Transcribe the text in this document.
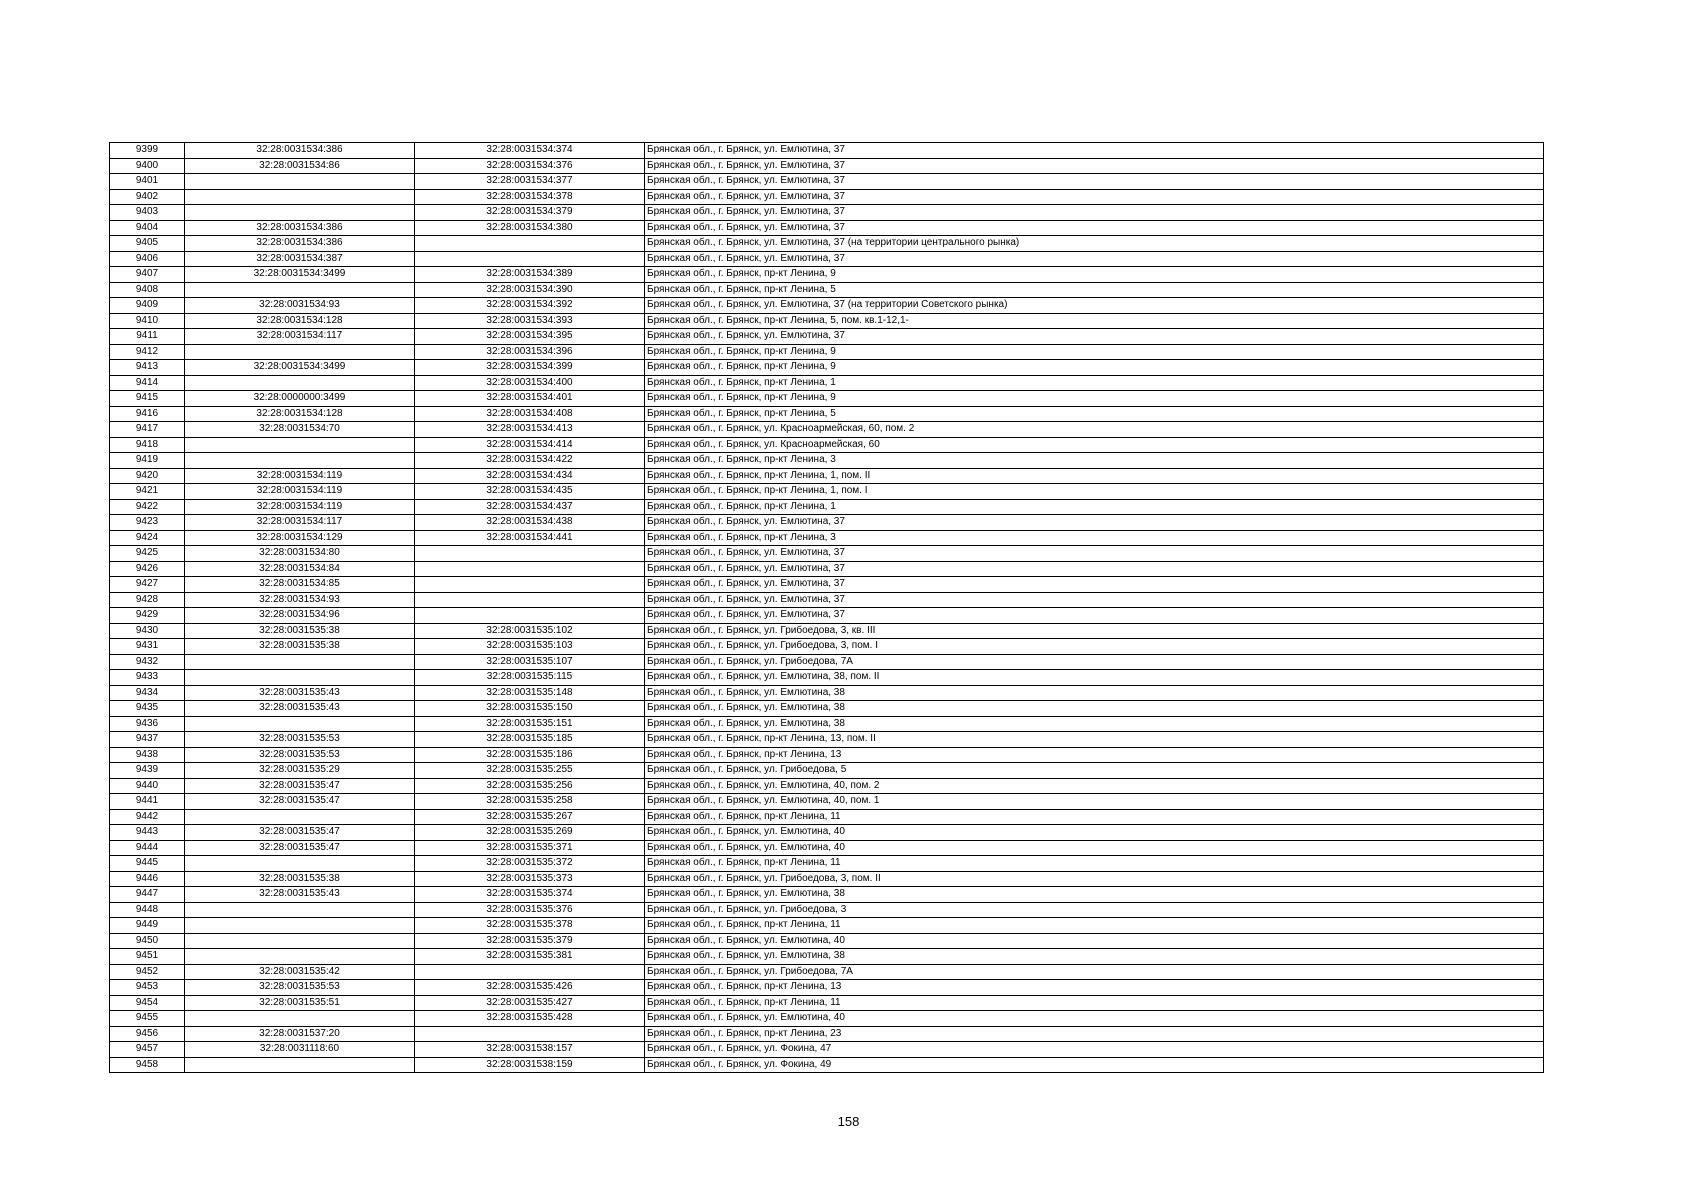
9399	32:28:0031534:386	32:28:0031534:374	Брянская обл., г. Брянск, ул. Емлютина, 37
9400	32:28:0031534:86	32:28:0031534:376	Брянская обл., г. Брянск, ул. Емлютина, 37
9401		32:28:0031534:377	Брянская обл., г. Брянск, ул. Емлютина, 37
9402		32:28:0031534:378	Брянская обл., г. Брянск, ул. Емлютина, 37
9403		32:28:0031534:379	Брянская обл., г. Брянск, ул. Емлютина, 37
9404	32:28:0031534:386	32:28:0031534:380	Брянская обл., г. Брянск, ул. Емлютина, 37
9405	32:28:0031534:386		Брянская обл., г. Брянск, ул. Емлютина, 37 (на территории центрального рынка)
9406	32:28:0031534:387		Брянская обл., г. Брянск, ул. Емлютина, 37
9407	32:28:0031534:3499	32:28:0031534:389	Брянская обл., г. Брянск, пр-кт Ленина, 9
9408		32:28:0031534:390	Брянская обл., г. Брянск, пр-кт Ленина, 5
9409	32:28:0031534:93	32:28:0031534:392	Брянская обл., г. Брянск, ул. Емлютина, 37 (на территории Советского рынка)
9410	32:28:0031534:128	32:28:0031534:393	Брянская обл., г. Брянск, пр-кт Ленина, 5, пом. кв.1-12,1-
9411	32:28:0031534:117	32:28:0031534:395	Брянская обл., г. Брянск, ул. Емлютина, 37
9412		32:28:0031534:396	Брянская обл., г. Брянск, пр-кт Ленина, 9
9413	32:28:0031534:3499	32:28:0031534:399	Брянская обл., г. Брянск, пр-кт Ленина, 9
9414		32:28:0031534:400	Брянская обл., г. Брянск, пр-кт Ленина, 1
9415	32:28:0000000:3499	32:28:0031534:401	Брянская обл., г. Брянск, пр-кт Ленина, 9
9416	32:28:0031534:128	32:28:0031534:408	Брянская обл., г. Брянск, пр-кт Ленина, 5
9417	32:28:0031534:70	32:28:0031534:413	Брянская обл., г. Брянск, ул. Красноармейская, 60, пом. 2
9418		32:28:0031534:414	Брянская обл., г. Брянск, ул. Красноармейская, 60
9419		32:28:0031534:422	Брянская обл., г. Брянск, пр-кт Ленина, 3
9420	32:28:0031534:119	32:28:0031534:434	Брянская обл., г. Брянск, пр-кт Ленина, 1, пом. II
9421	32:28:0031534:119	32:28:0031534:435	Брянская обл., г. Брянск, пр-кт Ленина, 1, пом. I
9422	32:28:0031534:119	32:28:0031534:437	Брянская обл., г. Брянск, пр-кт Ленина, 1
9423	32:28:0031534:117	32:28:0031534:438	Брянская обл., г. Брянск, ул. Емлютина, 37
9424	32:28:0031534:129	32:28:0031534:441	Брянская обл., г. Брянск, пр-кт Ленина, 3
9425	32:28:0031534:80		Брянская обл., г. Брянск, ул. Емлютина, 37
9426	32:28:0031534:84		Брянская обл., г. Брянск, ул. Емлютина, 37
9427	32:28:0031534:85		Брянская обл., г. Брянск, ул. Емлютина, 37
9428	32:28:0031534:93		Брянская обл., г. Брянск, ул. Емлютина, 37
9429	32:28:0031534:96		Брянская обл., г. Брянск, ул. Емлютина, 37
9430	32:28:0031535:38	32:28:0031535:102	Брянская обл., г. Брянск, ул. Грибоедова, 3, кв. III
9431	32:28:0031535:38	32:28:0031535:103	Брянская обл., г. Брянск, ул. Грибоедова, 3, пом. I
9432		32:28:0031535:107	Брянская обл., г. Брянск, ул. Грибоедова, 7А
9433		32:28:0031535:115	Брянская обл., г. Брянск, ул. Емлютина, 38, пом. II
9434	32:28:0031535:43	32:28:0031535:148	Брянская обл., г. Брянск, ул. Емлютина, 38
9435	32:28:0031535:43	32:28:0031535:150	Брянская обл., г. Брянск, ул. Емлютина, 38
9436		32:28:0031535:151	Брянская обл., г. Брянск, ул. Емлютина, 38
9437	32:28:0031535:53	32:28:0031535:185	Брянская обл., г. Брянск, пр-кт Ленина, 13, пом. II
9438	32:28:0031535:53	32:28:0031535:186	Брянская обл., г. Брянск, пр-кт Ленина, 13
9439	32:28:0031535:29	32:28:0031535:255	Брянская обл., г. Брянск, ул. Грибоедова, 5
9440	32:28:0031535:47	32:28:0031535:256	Брянская обл., г. Брянск, ул. Емлютина, 40, пом. 2
9441	32:28:0031535:47	32:28:0031535:258	Брянская обл., г. Брянск, ул. Емлютина, 40, пом. 1
9442		32:28:0031535:267	Брянская обл., г. Брянск, пр-кт Ленина, 11
9443	32:28:0031535:47	32:28:0031535:269	Брянская обл., г. Брянск, ул. Емлютина, 40
9444	32:28:0031535:47	32:28:0031535:371	Брянская обл., г. Брянск, ул. Емлютина, 40
9445		32:28:0031535:372	Брянская обл., г. Брянск, пр-кт Ленина, 11
9446	32:28:0031535:38	32:28:0031535:373	Брянская обл., г. Брянск, ул. Грибоедова, 3, пом. II
9447	32:28:0031535:43	32:28:0031535:374	Брянская обл., г. Брянск, ул. Емлютина, 38
9448		32:28:0031535:376	Брянская обл., г. Брянск, ул. Грибоедова, 3
9449		32:28:0031535:378	Брянская обл., г. Брянск, пр-кт Ленина, 11
9450		32:28:0031535:379	Брянская обл., г. Брянск, ул. Емлютина, 40
9451		32:28:0031535:381	Брянская обл., г. Брянск, ул. Емлютина, 38
9452	32:28:0031535:42		Брянская обл., г. Брянск, ул. Грибоедова, 7А
9453	32:28:0031535:53	32:28:0031535:426	Брянская обл., г. Брянск, пр-кт Ленина, 13
9454	32:28:0031535:51	32:28:0031535:427	Брянская обл., г. Брянск, пр-кт Ленина, 11
9455		32:28:0031535:428	Брянская обл., г. Брянск, ул. Емлютина, 40
9456	32:28:0031537:20		Брянская обл., г. Брянск, пр-кт Ленина, 23
9457	32:28:0031118:60	32:28:0031538:157	Брянская обл., г. Брянск, ул. Фокина, 47
9458		32:28:0031538:159	Брянская обл., г. Брянск, ул. Фокина, 49
158
